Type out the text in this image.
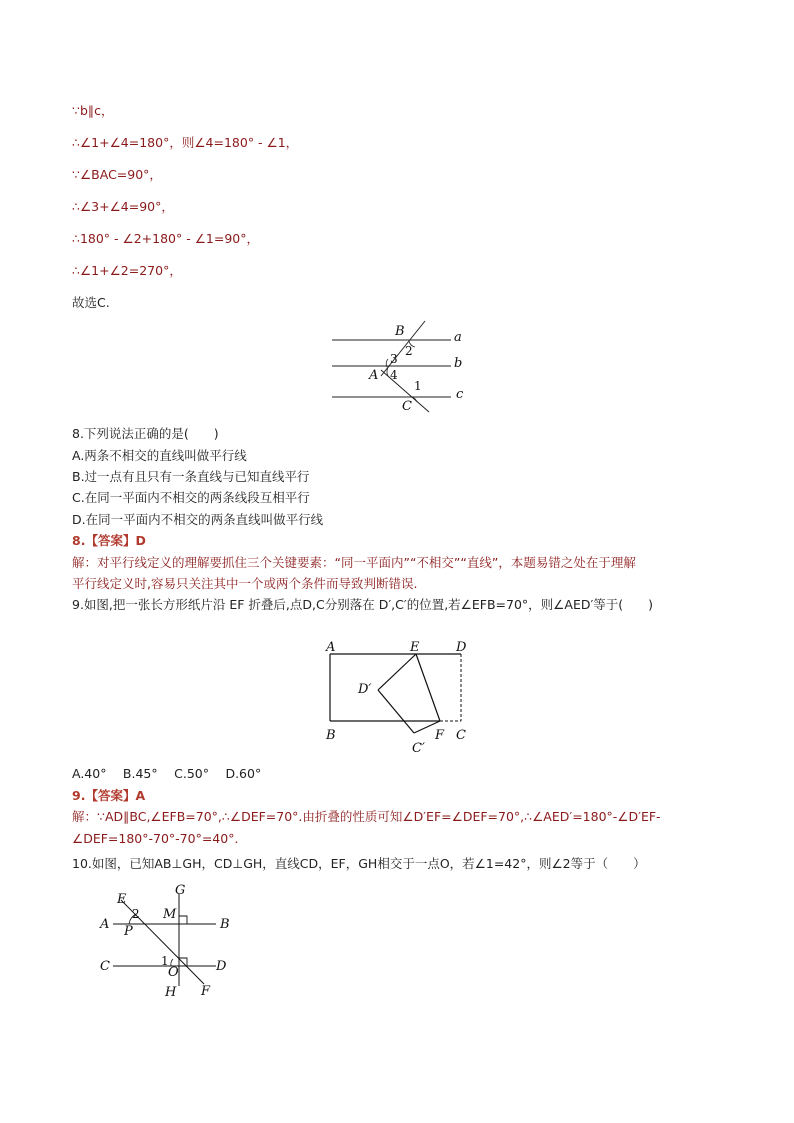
∵b∥c，
∴∠1+∠4=180°，则∠4=180° - ∠1，
∵∠BAC=90°，
∴∠3+∠4=90°，
∴180° - ∠2+180° - ∠1=90°，
∴∠1+∠2=270°，
故选C.
B	a
2
3	b
A 4
1
c
C
8.下列说法正确的是(　　)
A.两条不相交的直线叫做平行线
B.过一点有且只有一条直线与已知直线平行
C.在同一平面内不相交的两条线段互相平行
D.在同一平面内不相交的两条直线叫做平行线
8.【答案】D
解：对平行线定义的理解要抓住三个关键要素：“同一平面内”“不相交”“直线”，本题易错之处在于理解
平行线定义时,容易只关注其中一个或两个条件而导致判断错误.
9.如图,把一张长方形纸片沿 EF 折叠后,点D,C分别落在 D′,C′的位置,若∠EFB=70°，则∠AED′等于(　　)
A	E	D
D′
B	F C
C′
A.40°　 B.45°　 C.50°　 D.60°
9.【答案】A
解：∵AD∥BC,∠EFB=70°,∴∠DEF=70°.由折叠的性质可知∠D′EF=∠DEF=70°,∴∠AED′=180°-∠D′EF-
∠DEF=180°-70°-70°=40°.
10.如图，已知AB⊥GH，CD⊥GH，直线CD，EF，GH相交于一点O，若∠1=42°，则∠2等于（　　）
E
G
2 M
A P	B
C	1
O	D
H F
